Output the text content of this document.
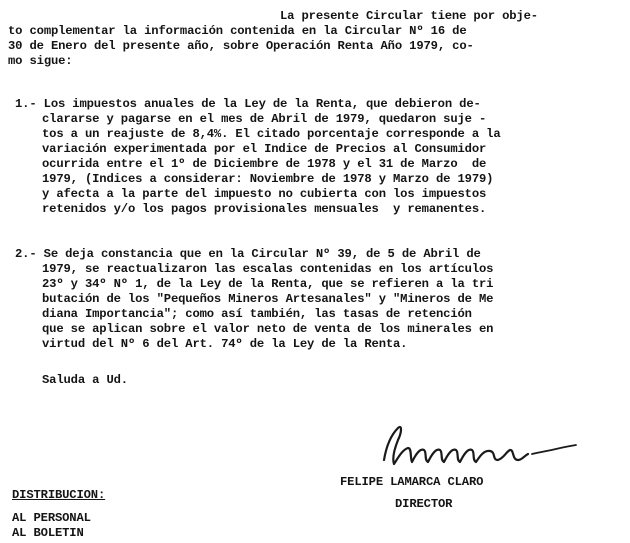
La presente Circular tiene por obje-
to complementar la información contenida en la Circular Nº 16 de
30 de Enero del presente año, sobre Operación Renta Año 1979, co-
mo sigue:
1.- Los impuestos anuales de la Ley de la Renta, que debieron de-
clararse y pagarse en el mes de Abril de 1979, quedaron suje -
tos a un reajuste de 8,4%. El citado porcentaje corresponde a la
variación experimentada por el Indice de Precios al Consumidor
ocurrida entre el 1º de Diciembre de 1978 y el 31 de Marzo  de
1979, (Indices a considerar: Noviembre de 1978 y Marzo de 1979)
y afecta a la parte del impuesto no cubierta con los impuestos
retenidos y/o los pagos provisionales mensuales  y remanentes.
2.- Se deja constancia que en la Circular Nº 39, de 5 de Abril de
1979, se reactualizaron las escalas contenidas en los artículos
23º y 34º Nº 1, de la Ley de la Renta, que se refieren a la tri
butación de los "Pequeños Mineros Artesanales" y "Mineros de Me
diana Importancia"; como así también, las tasas de retención
que se aplican sobre el valor neto de venta de los minerales en
virtud del Nº 6 del Art. 74º de la Ley de la Renta.
Saluda a Ud.
FELIPE LAMARCA CLARO
DIRECTOR
DISTRIBUCION:
AL PERSONAL
AL BOLETIN
